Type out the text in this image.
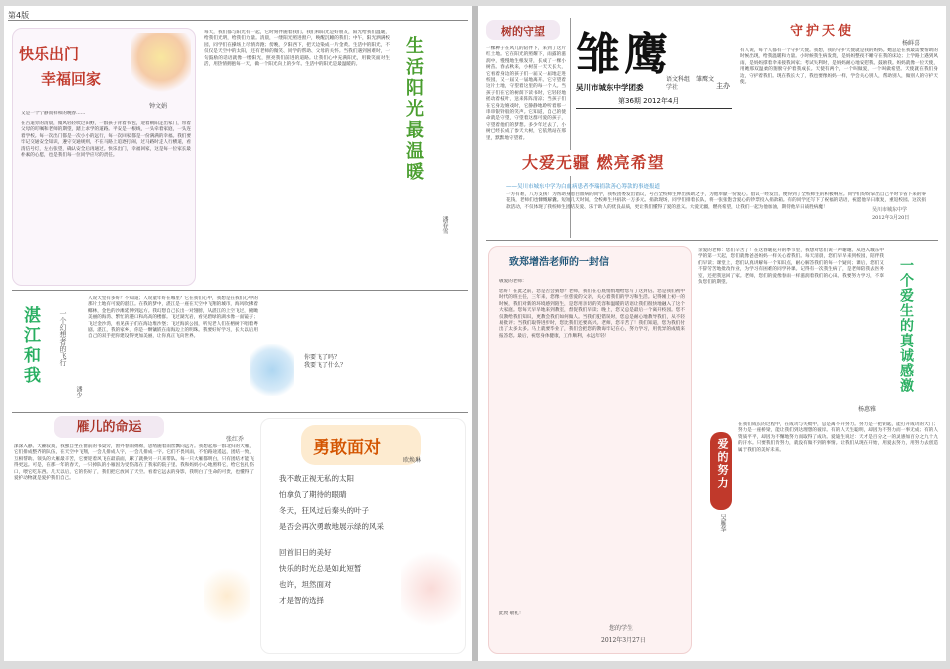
第4版
快乐出门
幸福回家
钟文娟
又是一个宁静而祥和的晚春……
在古道旁的清晨，微风轻轻吹过田野，一群孩子背着书包，迎着朝阳走出家门，带着父母的叮嘱和老师的期望，踏上求学的道路。平安是一根线，一头牵着家庭，一头连着学校。每一次出门都是一次小小的远行，每一次回家都是一份满满的幸福。我们要牢记交通安全知识，遵守交通规则，不在马路上追逐打闹，过马路时走人行横道，看清信号灯，左右张望，确认安全后再通过。快乐出门，幸福回家，这是每一位家长最朴素的心愿，也是我们每一位同学应尽的责任。
每天，我们都与阳光有一起，它时刻伴随着我们。我们和阳光是好朋友，阳光给我们温暖，给我们光明，给我们力量。清晨，一缕阳光照进窗户，唤醒沉睡的我们；中午，阳光洒满校园，同学们在操场上尽情奔跑；傍晚，夕阳西下，把天边染成一片金黄。生活中的阳光，不仅仅是天空中的太阳，还有老师的微笑、同学的帮助、父母的关怀。当我们遇到困难时，一句鼓励的话语就像一缕阳光，照亮我们前进的道路。让我们心中充满阳光，用微笑面对生活，用热情拥抱每一天，做一个阳光向上的少年。生活中的阳光是最温暖的。	生活阳光最温暖
潘春雪
湛江和我	一个幻想者的飞行
潘少
人说天堂有多好？不知道；人说童年好在哪里？它在我们心中，我想是在我们心中的那片土地有可爱的湛江。在我的梦中，湛江是一座在天空中飞翔的城市，海风吹拂着椰林，金色的沙滩延伸到远方。我幻想自己长出一对翅膀，从湛江的上空飞过，俯瞰美丽的海湾、繁忙的港口和高高的楼群。飞过湖光岩，看见碧绿的湖水像一面镜子；飞过金沙湾，看见孩子们在海边堆沙堡；飞过海滨公园，听见老人们在榕树下唱着粤剧。湛江，我的家乡，你是一颗镶嵌在南海边上的明珠。我要好好学习，长大以后用自己的双手把你建设得更加美丽，让你真正飞向世界。
你要飞了吗？
我要飞了什么？
雁儿的命运
张红乔
深深入静。天籁寂寞，我独自坐在窗前的书桌旁，窗外春雨绵绵，思绪随着雨丝飘向远方。我想起那一群北归的大雁，它们排成整齐的队伍，在天空中飞翔，一会儿排成人字，一会儿排成一字。它们不畏风雨，不怕路途遥远，团结一致，互相帮助。领头的大雁最辛苦，它要迎着风飞在最前面，累了就换另一只来带队。每一只大雁都明白，只有团结才能飞得更远。可是，在那一年的春天，一只掉队的小雁因为受伤落在了我家的院子里。我和妈妈小心地照料它，给它包扎伤口，喂它吃东西。几天以后，它的伤好了，我们把它放回了天空。看着它远去的身影，我明白了生命的可贵，也懂得了爱护动物就是爱护我们自己。
勇敢面对
欧焕琳
我不敢正视无私的太阳
怕拿负了期待的眼睛
冬天，狂风过后秦头的叶子
是否会再次勇敢地展示绿的风采
回首旧日的美好
快乐的时光总是如此短暂
也许，坦然面对
才是智的选择
树的守望
一棵种子在风儿的陪伴下，来到了这片红土地。它在阳光的照耀下，雨露的滋润中，慢慢地生根发芽，长成了一棵小树苗。春去秋来，小树苗一天天长大，它看着身边的孩子们一届又一届地走进校园，又一届又一届地离开。它守望着这片土地，守望着这里的每一个人。当孩子们在它的树荫下读书时，它轻轻地摇动着枝叶，送来阵阵清凉；当孩子们在它身边嬉戏时，它静静地聆听着那一串串银铃般的笑声。它知道，自己的使命就是守望，守望着这群可爱的孩子，守望着他们的梦想。多少年过去了，小树已经长成了参天大树，它依然站在那里，默默地守望着。
雏鹰
吴川市城东中学团委
语文科组　雏鹰文学社	主办
第36期 2012年4月
守护天使
杨鲜喜
有人说，每个人都有一个守护天使。我想，我的守护天使就是我的妈妈。她总是在我最需要帮助的时候出现，给我温暖和力量。小时候我生病发烧，是妈妈整夜不睡守在我的床边；上学路上遇到风雨，是妈妈撑着伞来接我回家；考试失利时，是妈妈耐心地安慰我、鼓励我。妈妈就像一位天使，用她那双温柔的翅膀守护着我成长。天使有两个，一个叫做爱，一个叫做希望。天使就在我们身边，守护着我们。现在我长大了，我也要像妈妈一样，学会关心别人，帮助别人，做别人的守护天使。
大爱无疆 燃亮希望
——吴川市城东中学为白血病患者李瑞捐款善心筹款的事迹报道
一方有难，八方支援！为帮助身患白血病的同学，我校团委发出倡议，号召全校师生伸出援助之手，为他奉献一份爱心。倡议一经发出，便得到了全校师生的积极响应。同学们纷纷拿出自己平时节省下来的零花钱，老师们也慷慨解囊。短短几天时间，全校师生共捐款一万多元。捐款现场，同学们排着长队，将一张张饱含爱心的钞票投入捐款箱。有的同学还写下了祝福的话语，祝愿他早日康复，重返校园。这次捐款活动，不仅体现了我校师生团结友爱、乐于助人的优良品质，更让我们懂得了爱的意义。大爱无疆，燃亮希望，让我们一起为他加油，期待他早日战胜病魔！	吴川市城东中学
2012年3月20日
致郑增浩老师的一封信
敬爱的老师：
您好！在此之前，您是否会猜想？老师，我们在心底悄悄地给您写了这封信。您是我们初中时代的班主任，三年来，您像一位慈爱的父亲，关心着我们的学习和生活。记得刚上初一的时候，我们对新的环境感到陌生，是您用亲切的笑容和温暖的话语让我们很快地融入了这个大家庭。您每天早早地来到教室，督促我们早读；晚上，您又总是最后一个离开校园。您不仅教给我们知识，更教会我们如何做人。当我们犯错误时，您总是耐心地教导我们，从不轻易批评；当我们取得进步时，您比我们还要高兴。老师，您辛苦了！我们知道，您为我们付出了太多太多。马上就要毕业了，我们会把您的教诲牢记在心，努力学习，用优异的成绩来报答您。最后，祝您身体健康，工作顺利，永远年轻！
此致 敬礼！
您的学生
2012年3月27日
亲爱的老师：您们辛苦了！在这春暖花开的季节里，我想对您们说一声谢谢。从进入城东中学的第一天起，您们就像爸爸妈妈一样关心着我们。每天清晨，您们早早来到校园，陪伴我们早读；课堂上，您们认真讲解每一个知识点，耐心解答我们的每一个疑问；课后，您们又不辞劳苦地批改作业，为学习有困难的同学补课。记得有一次我生病了，是老师陪我去医务室，还把我送回了家。老师，您们的爱像春雨一样滋润着我们的心田。我要努力学习，不辜负您们的期望。	一个爱生的真诚感激
杨惠雅
爱的努力
吴雁华
在我们成长的过程中，在成功与失败中，总是离不开努力。努力是一把钥匙，能打开成功的大门；努力是一座桥梁，能让我们到达理想的彼岸。有的人天生聪明，却因为不努力而一事无成；有的人资质平平，却因为不懈地努力而取得了成功。爱迪生说过：天才是百分之一的灵感加百分之九十九的汗水。只要我们肯努力，就没有做不到的事情。让我们从现在开始，用爱去努力，用努力去创造属于我们的美好未来。
